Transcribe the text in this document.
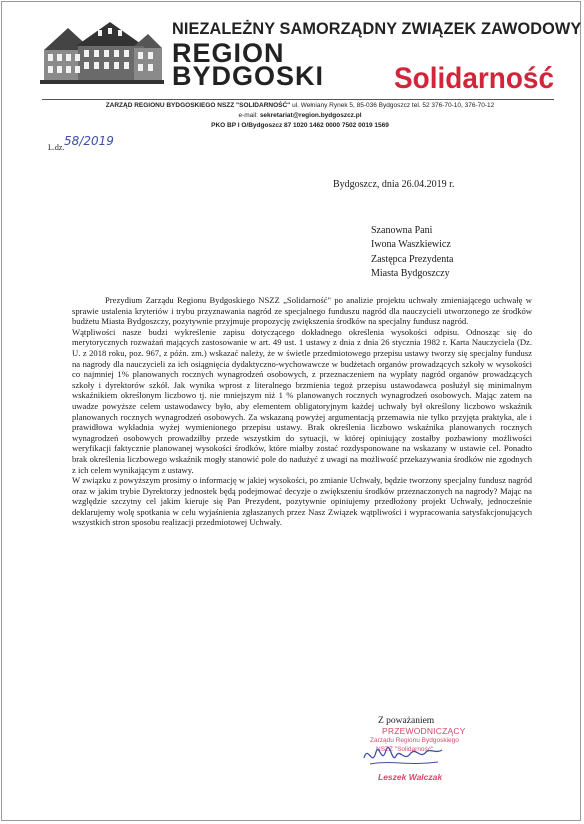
NIEZALEŻNY SAMORZĄDNY ZWIĄZEK ZAWODOWY
REGION
BYDGOSKI Solidarność
ZARZĄD REGIONU BYDGOSKIEGO NSZZ "SOLIDARNOŚĆ" ul. Wełniany Rynek 5, 85-036 Bydgoszcz tel. 52 376-70-10, 376-70-12
e-mail: sekretariat@region.bydgoszcz.pl
PKO BP I O/Bydgoszcz 87 1020 1462 0000 7502 0019 1569
L.dz. 58/2019
Bydgoszcz, dnia 26.04.2019 r.
Szanowna Pani
Iwona Waszkiewicz
Zastępca Prezydenta
Miasta Bydgoszczy

Prezydium Zarządu Regionu Bydgoskiego NSZZ „Solidarność" po analizie projektu uchwały zmieniającego uchwałę w sprawie ustalenia kryteriów i trybu przyznawania nagród ze specjalnego funduszu nagród dla nauczycieli utworzonego ze środków budżetu Miasta Bydgoszczy, pozytywnie przyjmuje propozycję zwiększenia środków na specjalny fundusz nagród.

Wątpliwości nasze budzi wykreślenie zapisu dotyczącego dokładnego określenia wysokości odpisu. Odnosząc się do merytorycznych rozważań mających zastosowanie w art. 49 ust. 1 ustawy z dnia z dnia 26 stycznia 1982 r. Karta Nauczyciela (Dz. U. z 2018 roku, poz. 967, z późn. zm.) wskazać należy, że w świetle przedmiotowego przepisu ustawy tworzy się specjalny fundusz na nagrody dla nauczycieli za ich osiągnięcia dydaktyczno-wychowawcze w budżetach organów prowadzących szkoły w wysokości co najmniej 1% planowanych rocznych wynagrodzeń osobowych, z przeznaczeniem na wypłaty nagród organów prowadzących szkoły i dyrektorów szkół. Jak wynika wprost z literalnego brzmienia tegoż przepisu ustawodawca posłużył się minimalnym wskaźnikiem określonym liczbowo tj. nie mniejszym niż 1 % planowanych rocznych wynagrodzeń osobowych. Mając zatem na uwadze powyższe celem ustawodawcy było, aby elementem obligatoryjnym każdej uchwały był określony liczbowo wskaźnik planowanych rocznych wynagrodzeń osobowych. Za wskazaną powyżej argumentacją przemawia nie tylko przyjęta praktyka, ale i prawidłowa wykładnia wyżej wymienionego przepisu ustawy. Brak określenia liczbowo wskaźnika planowanych rocznych wynagrodzeń osobowych prowadziłby przede wszystkim do sytuacji, w której opiniujący zostałby pozbawiony możliwości weryfikacji faktycznie planowanej wysokości środków, które miałby zostać rozdysponowane na wskazany w ustawie cel. Ponadto brak określenia liczbowego wskaźnik mogły stanowić pole do nadużyć z uwagi na możliwość przekazywania środków nie zgodnych z ich celem wynikającym z ustawy.

W związku z powyższym prosimy o informację w jakiej wysokości, po zmianie Uchwały, będzie tworzony specjalny fundusz nagród oraz w jakim trybie Dyrektorzy jednostek będą podejmować decyzje o zwiększeniu środków przeznaczonych na nagrody? Mając na względzie szczytny cel jakim kieruje się Pan Prezydent, pozytywnie opiniujemy przedłożony projekt Uchwały, jednocześnie deklarujemy wolę spotkania w celu wyjaśnienia zgłaszanych przez Nasz Związek wątpliwości i wypracowania satysfakcjonujących wszystkich stron sposobu realizacji przedmiotowej Uchwały.

Z poważaniem
PRZEWODNICZĄCY
Zarządu Regionu Bydgoskiego
NSZZ "Solidarność"
Leszek Walczak
